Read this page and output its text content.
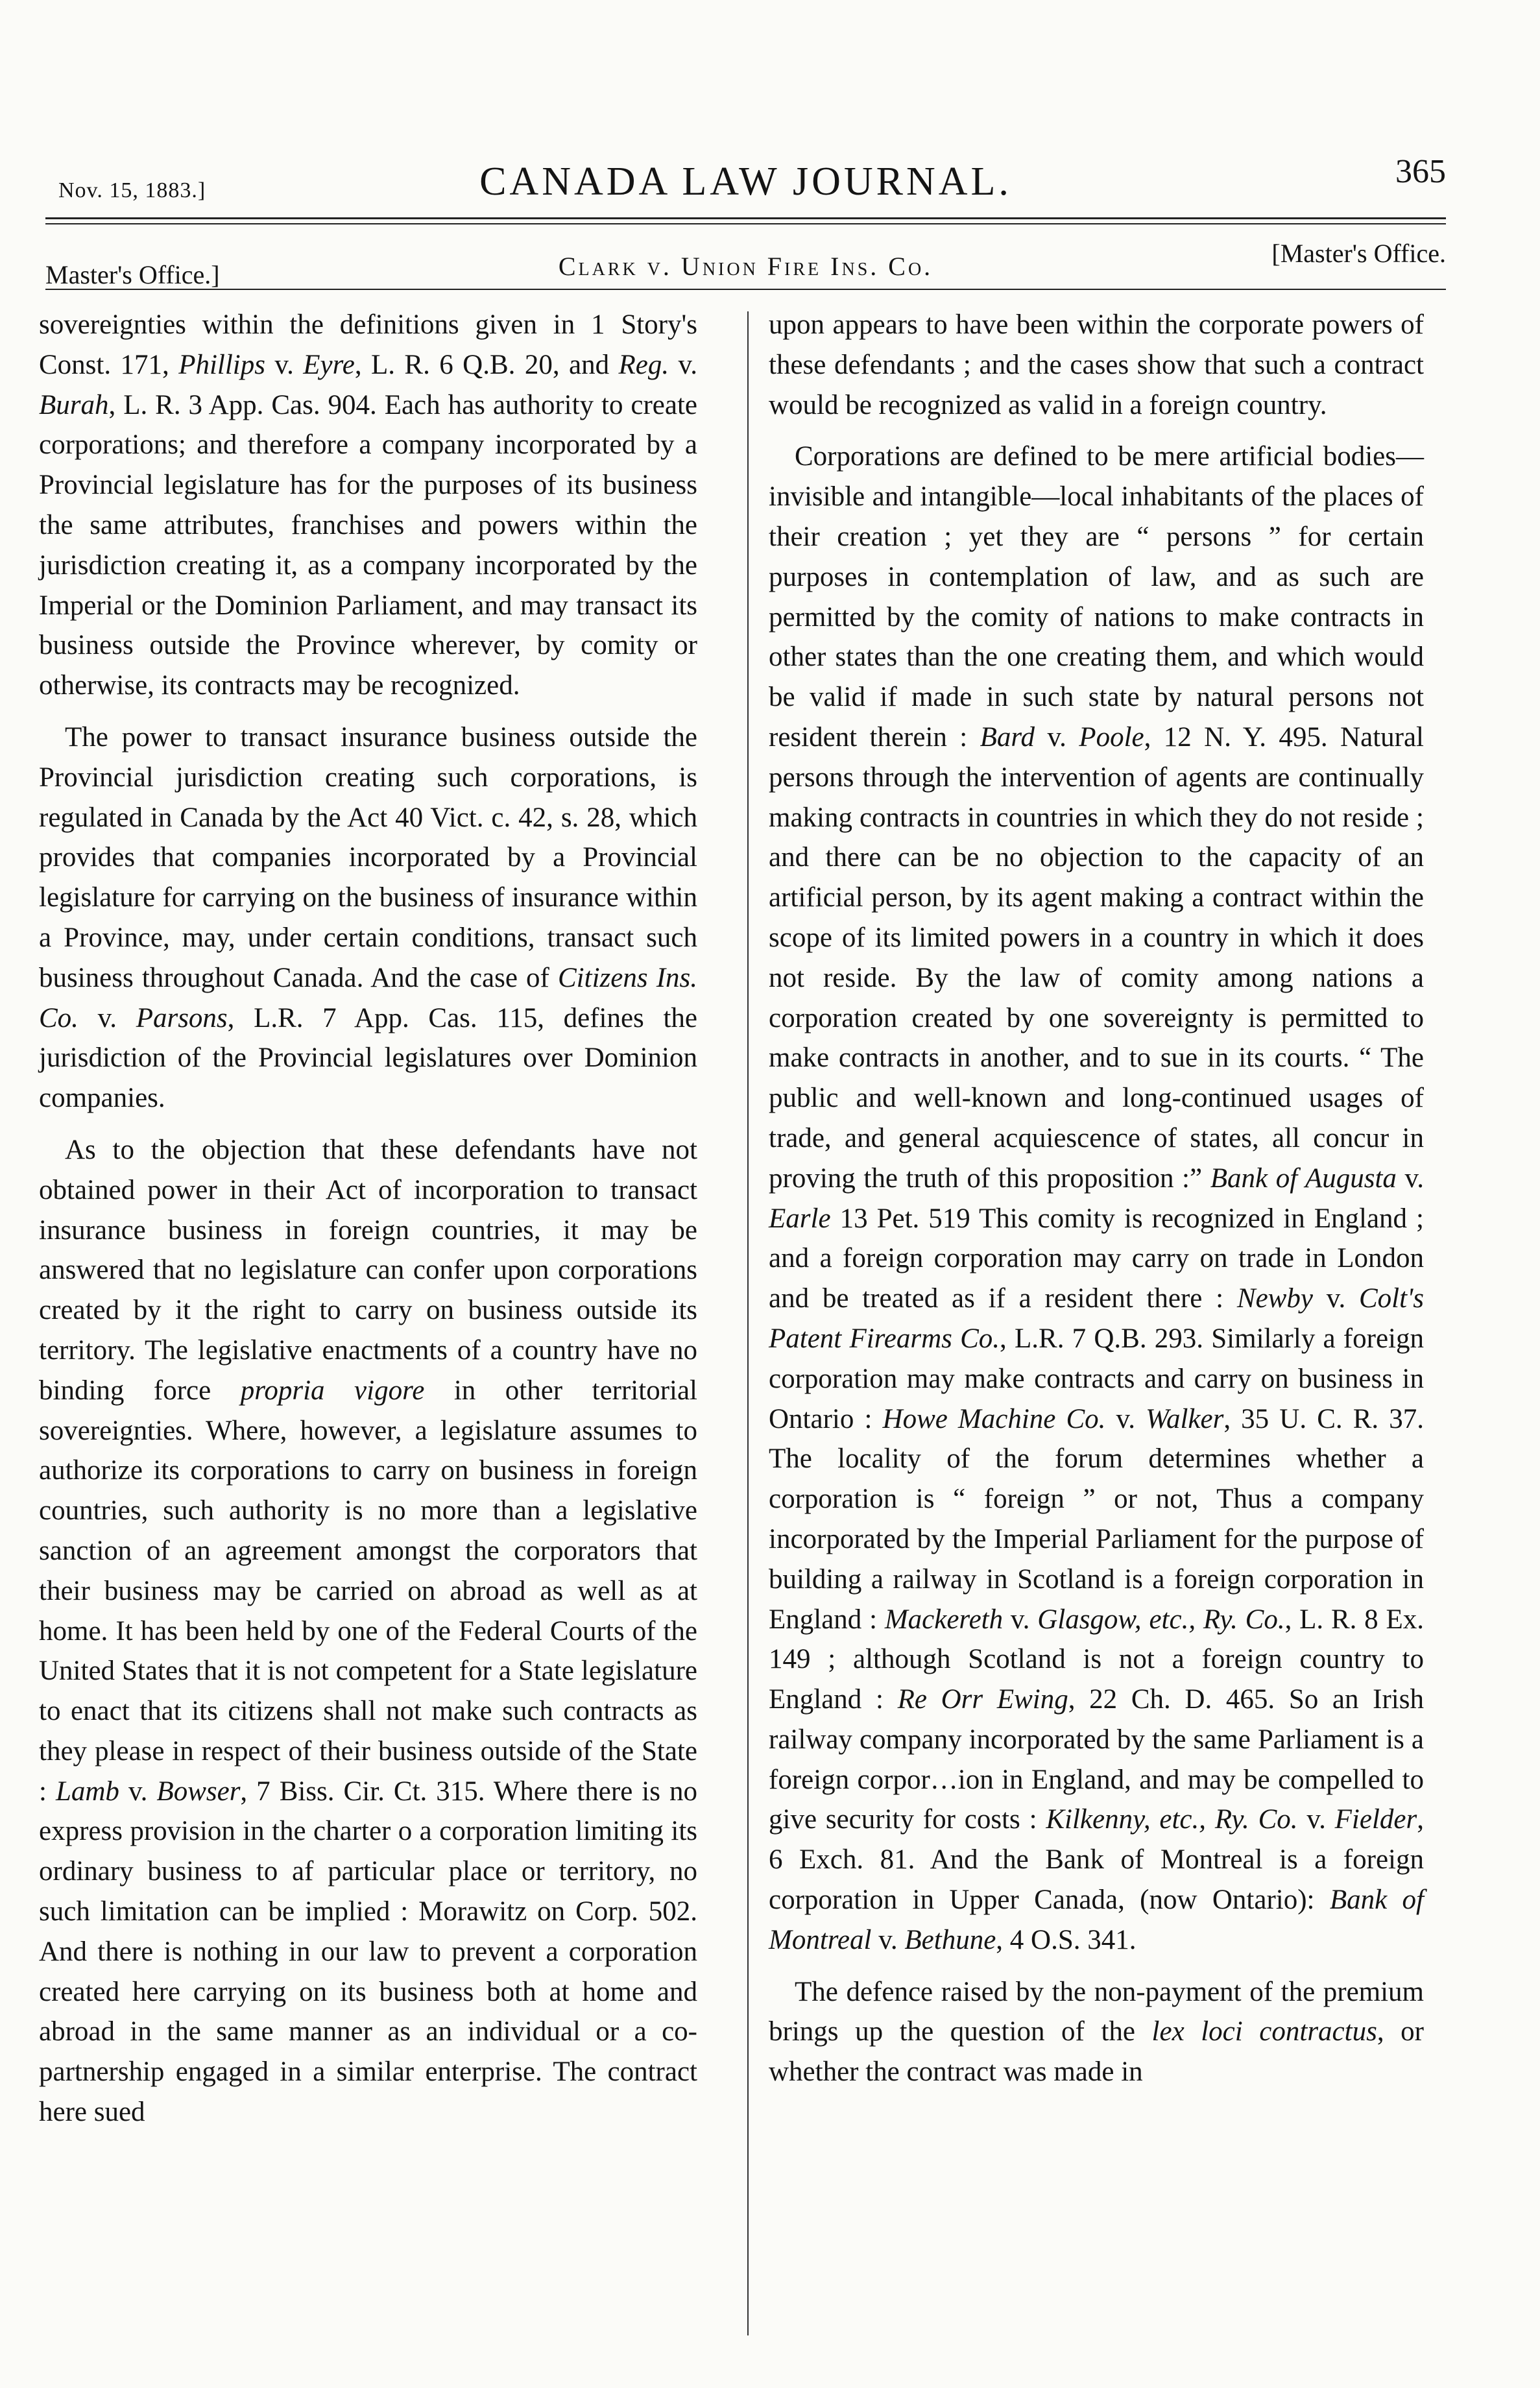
Nov. 15, 1883.]	CANADA LAW JOURNAL.	365
Master's Office.]	Clark v. Union Fire Ins. Co.	[Master's Office.

sovereignties within the definitions given in 1 Story's Const. 171, Phillips v. Eyre, L. R. 6 Q.B. 20, and Reg. v. Burah, L. R. 3 App. Cas. 904. Each has authority to create corporations; and therefore a company incorporated by a Provincial legislature has for the purposes of its business the same attributes, franchises and powers within the jurisdiction creating it, as a company incorporated by the Imperial or the Dominion Parliament, and may transact its business outside the Province wherever, by comity or otherwise, its contracts may be recognized.

The power to transact insurance business outside the Provincial jurisdiction creating such corporations, is regulated in Canada by the Act 40 Vict. c. 42, s. 28, which provides that companies incorporated by a Provincial legislature for carrying on the business of insurance within a Province, may, under certain conditions, transact such business throughout Canada. And the case of Citizens Ins. Co. v. Parsons, L.R. 7 App. Cas. 115, defines the jurisdiction of the Provincial legislatures over Dominion companies.

As to the objection that these defendants have not obtained power in their Act of incorporation to transact insurance business in foreign countries, it may be answered that no legislature can confer upon corporations created by it the right to carry on business outside its territory. The legislative enactments of a country have no binding force propria vigore in other territorial sovereignties. Where, however, a legislature assumes to authorize its corporations to carry on business in foreign countries, such authority is no more than a legislative sanction of an agreement amongst the corporators that their business may be carried on abroad as well as at home. It has been held by one of the Federal Courts of the United States that it is not competent for a State legislature to enact that its citizens shall not make such contracts as they please in respect of their business outside of the State : Lamb v. Bowser, 7 Biss. Cir. Ct. 315. Where there is no express provision in the charter o a corporation limiting its ordinary business to af particular place or territory, no such limitation can be implied : Morawitz on Corp. 502. And there is nothing in our law to prevent a corporation created here carrying on its business both at home and abroad in the same manner as an individual or a co-partnership engaged in a similar enterprise. The contract here sued

upon appears to have been within the corporate powers of these defendants ; and the cases show that such a contract would be recognized as valid in a foreign country.

Corporations are defined to be mere artificial bodies—invisible and intangible—local inhabitants of the places of their creation ; yet they are “ persons ” for certain purposes in contemplation of law, and as such are permitted by the comity of nations to make contracts in other states than the one creating them, and which would be valid if made in such state by natural persons not resident therein : Bard v. Poole, 12 N. Y. 495. Natural persons through the intervention of agents are continually making contracts in countries in which they do not reside ; and there can be no objection to the capacity of an artificial person, by its agent making a contract within the scope of its limited powers in a country in which it does not reside. By the law of comity among nations a corporation created by one sovereignty is permitted to make contracts in another, and to sue in its courts. “ The public and well-known and long-continued usages of trade, and general acquiescence of states, all concur in proving the truth of this proposition :” Bank of Augusta v. Earle 13 Pet. 519 This comity is recognized in England ; and a foreign corporation may carry on trade in London and be treated as if a resident there : Newby v. Colt's Patent Firearms Co., L.R. 7 Q.B. 293. Similarly a foreign corporation may make contracts and carry on business in Ontario : Howe Machine Co. v. Walker, 35 U. C. R. 37. The locality of the forum determines whether a corporation is “ foreign ” or not, Thus a company incorporated by the Imperial Parliament for the purpose of building a railway in Scotland is a foreign corporation in England : Mackereth v. Glasgow, etc., Ry. Co., L. R. 8 Ex. 149 ; although Scotland is not a foreign country to England : Re Orr Ewing, 22 Ch. D. 465. So an Irish railway company incorporated by the same Parliament is a foreign corpor…ion in England, and may be compelled to give security for costs : Kilkenny, etc., Ry. Co. v. Fielder, 6 Exch. 81. And the Bank of Montreal is a foreign corporation in Upper Canada, (now Ontario): Bank of Montreal v. Bethune, 4 O.S. 341.

The defence raised by the non-payment of the premium brings up the question of the lex loci contractus, or whether the contract was made in
